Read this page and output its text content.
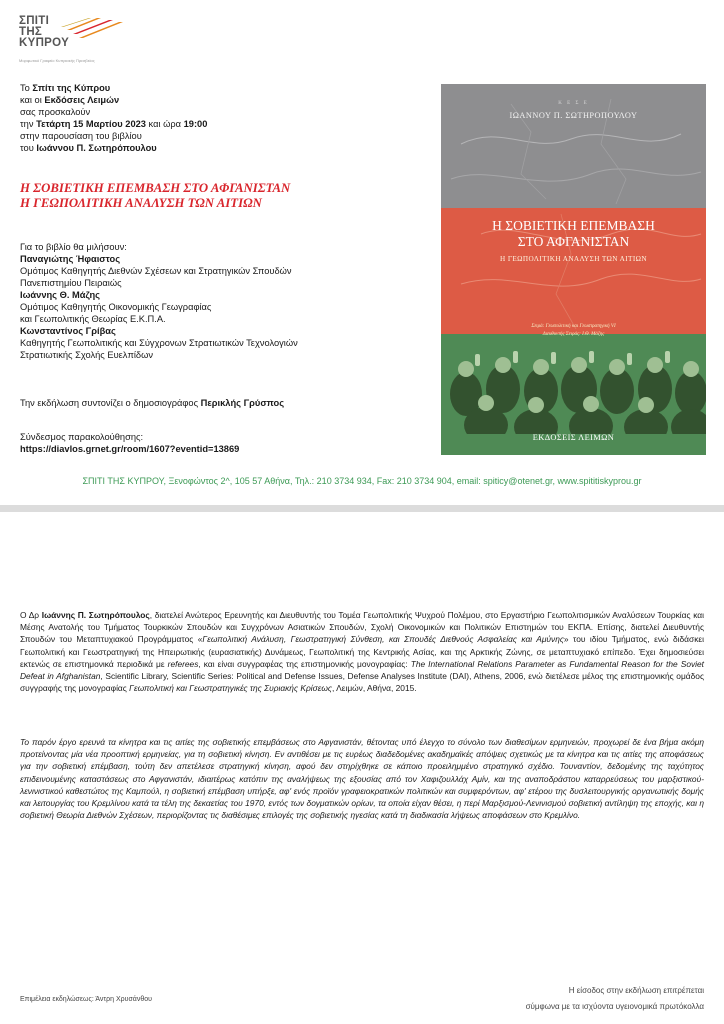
ΣΠΙΤΙ
ΤΗΣ
ΚΥΠΡΟΥ
Μορφωτικό Γραφείο Κυπριακής Πρεσβείας
Το Σπίτι της Κύπρου
και οι Εκδόσεις Λειμών
σας προσκαλούν
την Τετάρτη 15 Μαρτίου 2023 και ώρα 19:00
στην παρουσίαση του βιβλίου
του Ιωάννου Π. Σωτηρόπουλου
Η ΣΟΒΙΕΤΙΚΗ ΕΠΕΜΒΑΣΗ ΣΤΟ ΑΦΓΑΝΙΣΤΑΝ
Η ΓΕΩΠΟΛΙΤΙΚΗ ΑΝΑΛΥΣΗ ΤΩΝ ΑΙΤΙΩΝ
Για το βιβλίο θα μιλήσουν:
Παναγιώτης Ήφαιστος
Ομότιμος Καθηγητής Διεθνών Σχέσεων και Στρατηγικών Σπουδών
Πανεπιστημίου Πειραιώς
Ιωάννης Θ. Μάζης
Ομότιμος Καθηγητής Οικονομικής Γεωγραφίας
και Γεωπολιτικής Θεωρίας Ε.Κ.Π.Α.
Κωνσταντίνος Γρίβας
Καθηγητής Γεωπολιτικής και Σύγχρονων Στρατιωτικών Τεχνολογιών
Στρατιωτικής Σχολής Ευελπίδων
Την εκδήλωση συντονίζει ο δημοσιογράφος Περικλής Γρύσπος
Σύνδεσμος παρακολούθησης:
https://diavlos.grnet.gr/room/1607?eventid=13869
Κ Ε Σ Ε
ΙΩΑΝΝΟΥ Π. ΣΩΤΗΡΟΠΟΥΛΟΥ
Η ΣΟΒΙΕΤΙΚΗ ΕΠΕΜΒΑΣΗ
ΣΤΟ ΑΦΓΑΝΙΣΤΑΝ
Η ΓΕΩΠΟΛΙΤΙΚΗ ΑΝΑΛΥΣΗ ΤΩΝ ΑΙΤΙΩΝ
Σειρά: Γεωπολιτική και Γεωστρατηγική VI
Διευθυντής Σειράς: Ι.Θ. Μάζης
ΕΚΔΟΣΕΙΣ ΛΕΙΜΩΝ
ΣΠΙΤΙ ΤΗΣ ΚΥΠΡΟΥ, Ξενοφώντος 2^, 105 57 Αθήνα, Τηλ.: 210 3734 934, Fax: 210 3734 904, email: spiticy@otenet.gr, www.spititiskyprou.gr
Ο Δρ Ιωάννης Π. Σωτηρόπουλος, διατελεί Ανώτερος Ερευνητής και Διευθυντής του Τομέα Γεωπολιτικής Ψυχρού Πολέμου, στο Εργαστήριο Γεωπολιτισμικών Αναλύσεων Τουρκίας και Μέσης Ανατολής του Τμήματος Τουρκικών Σπουδών και Συγχρόνων Ασιατικών Σπουδών, Σχολή Οικονομικών και Πολιτικών Επιστημών του ΕΚΠΑ. Επίσης, διατελεί Διευθυντής Σπουδών του Μεταπτυχιακού Προγράμματος «Γεωπολιτική Ανάλυση, Γεωστρατηγική Σύνθεση, και Σπουδές Διεθνούς Ασφαλείας και Αμύνης» του ιδίου Τμήματος, ενώ διδάσκει Γεωπολιτική και Γεωστρατηγική της Ηπειρωτικής (ευρασιατικής) Δυνάμεως, Γεωπολιτική της Κεντρικής Ασίας, και της Αρκτικής Ζώνης, σε μεταπτυχιακό επίπεδο. Έχει δημοσιεύσει εκτενώς σε επιστημονικά περιοδικά με referees, και είναι συγγραφέας της επιστημονικής μονογραφίας: The International Relations Parameter as Fundamental Reason for the Soviet Defeat in Afghanistan, Scientific Library, Scientific Series: Political and Defense Issues, Defense Analyses Institute (DAI), Athens, 2006, ενώ διετέλεσε μέλος της επιστημονικής ομάδος συγγραφής της μονογραφίας Γεωπολιτική και Γεωστρατηγικές της Συριακής Κρίσεως, Λειμών, Αθήνα, 2015.
Το παρόν έργο ερευνά τα κίνητρα και τις αιτίες της σοβιετικής επεμβάσεως στο Αφγανιστάν, θέτοντας υπό έλεγχο το σύνολο των διαθεσίμων ερμηνειών, προχωρεί δε ένα βήμα ακόμη προτείνοντας μία νέα προοπτική ερμηνείας, για τη σοβιετική κίνηση. Εν αντιθέσει με τις ευρέως διαδεδομένες ακαδημαϊκές απόψεις σχετικώς με τα κίνητρα και τις αιτίες της αποφάσεως για την σοβιετική επέμβαση, τούτη δεν απετέλεσε στρατηγική κίνηση, αφού δεν στηρίχθηκε σε κάποιο προειλημμένο στρατηγικό σχέδιο. Τουναντίον, δεδομένης της ταχύτητος επιδεινουμένης καταστάσεως στο Αφγανιστάν, ιδιαιτέρως κατόπιν της αναλήψεως της εξουσίας από τον Χαφιζουλλάχ Αμίν, και της αναποδράστου καταρρεύσεως του μαρξιστικού-λενινιστικού καθεστώτος της Καμπούλ, η σοβιετική επέμβαση υπήρξε, αφ' ενός προϊόν γραφειοκρατικών πολιτικών και συμφερόντων, αφ' ετέρου της δυσλειτουργικής οργανωτικής δομής και λειτουργίας του Κρεμλίνου κατά τα τέλη της δεκαετίας του 1970, εντός των δογματικών ορίων, τα οποία είχαν θέσει, η περί Μαρξισμού-Λενινισμού σοβιετική αντίληψη της εποχής, και η σοβιετική Θεωρία Διεθνών Σχέσεων, περιορίζοντας τις διαθέσιμες επιλογές της σοβιετικής ηγεσίας κατά τη διαδικασία λήψεως αποφάσεων στο Κρεμλίνο.
Επιμέλεια εκδηλώσεως: Άντρη Χρυσάνθου
Η είσοδος στην εκδήλωση επιτρέπεται
σύμφωνα με τα ισχύοντα υγειονομικά πρωτόκολλα
